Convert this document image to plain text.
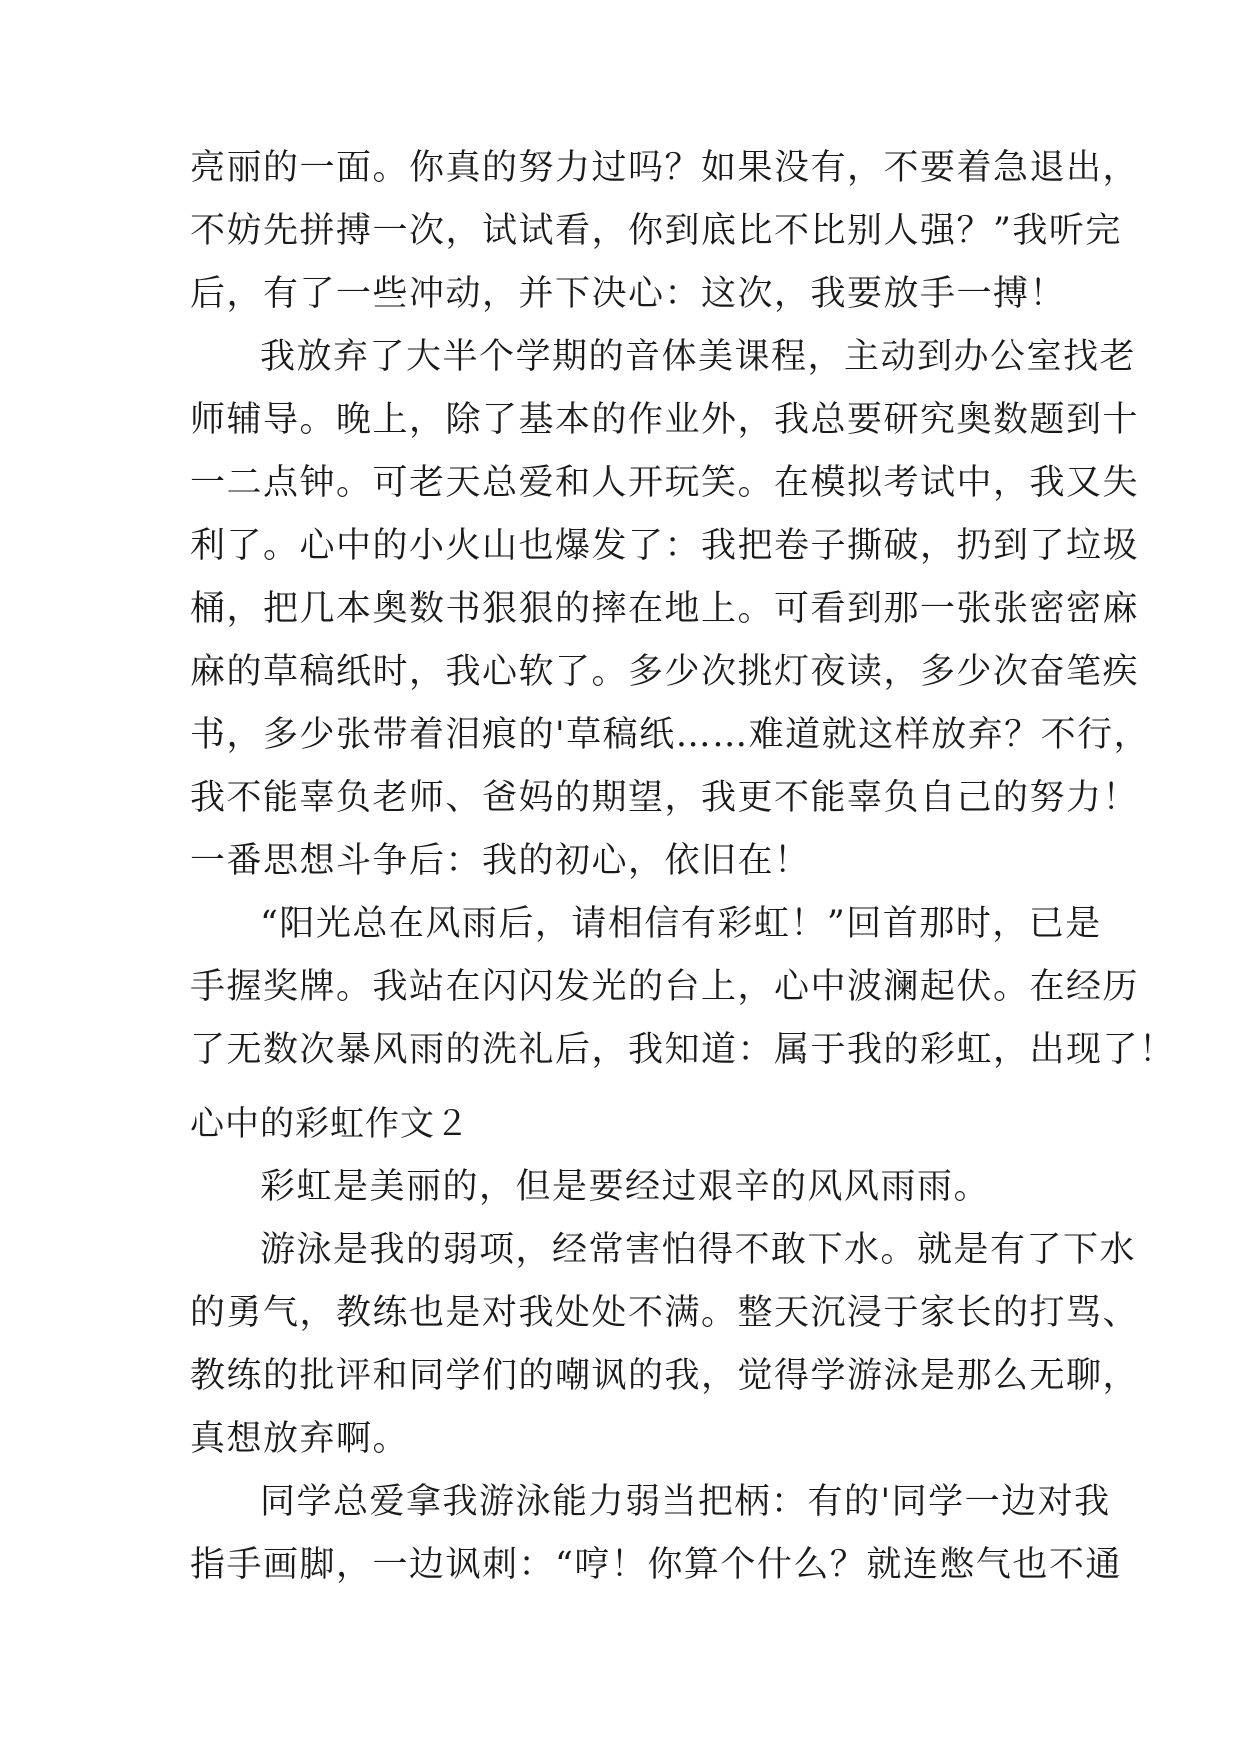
亮丽的一面。你真的努力过吗？如果没有，不要着急退出，
不妨先拼搏一次，试试看，你到底比不比别人强？”我听完
后，有了一些冲动，并下决心：这次，我要放手一搏！
我放弃了大半个学期的音体美课程，主动到办公室找老
师辅导。晚上，除了基本的作业外，我总要研究奥数题到十
一二点钟。可老天总爱和人开玩笑。在模拟考试中，我又失
利了。心中的小火山也爆发了：我把卷子撕破，扔到了垃圾
桶，把几本奥数书狠狠的摔在地上。可看到那一张张密密麻
麻的草稿纸时，我心软了。多少次挑灯夜读，多少次奋笔疾
书，多少张带着泪痕的'草稿纸……难道就这样放弃？不行，
我不能辜负老师、爸妈的期望，我更不能辜负自己的努力！
一番思想斗争后：我的初心，依旧在！
“阳光总在风雨后，请相信有彩虹！”回首那时，已是
手握奖牌。我站在闪闪发光的台上，心中波澜起伏。在经历
了无数次暴风雨的洗礼后，我知道：属于我的彩虹，出现了！
心中的彩虹作文２
彩虹是美丽的，但是要经过艰辛的风风雨雨。
游泳是我的弱项，经常害怕得不敢下水。就是有了下水
的勇气，教练也是对我处处不满。整天沉浸于家长的打骂、
教练的批评和同学们的嘲讽的我，觉得学游泳是那么无聊，
真想放弃啊。
同学总爱拿我游泳能力弱当把柄：有的'同学一边对我
指手画脚，一边讽刺：“哼！你算个什么？就连憋气也不通
